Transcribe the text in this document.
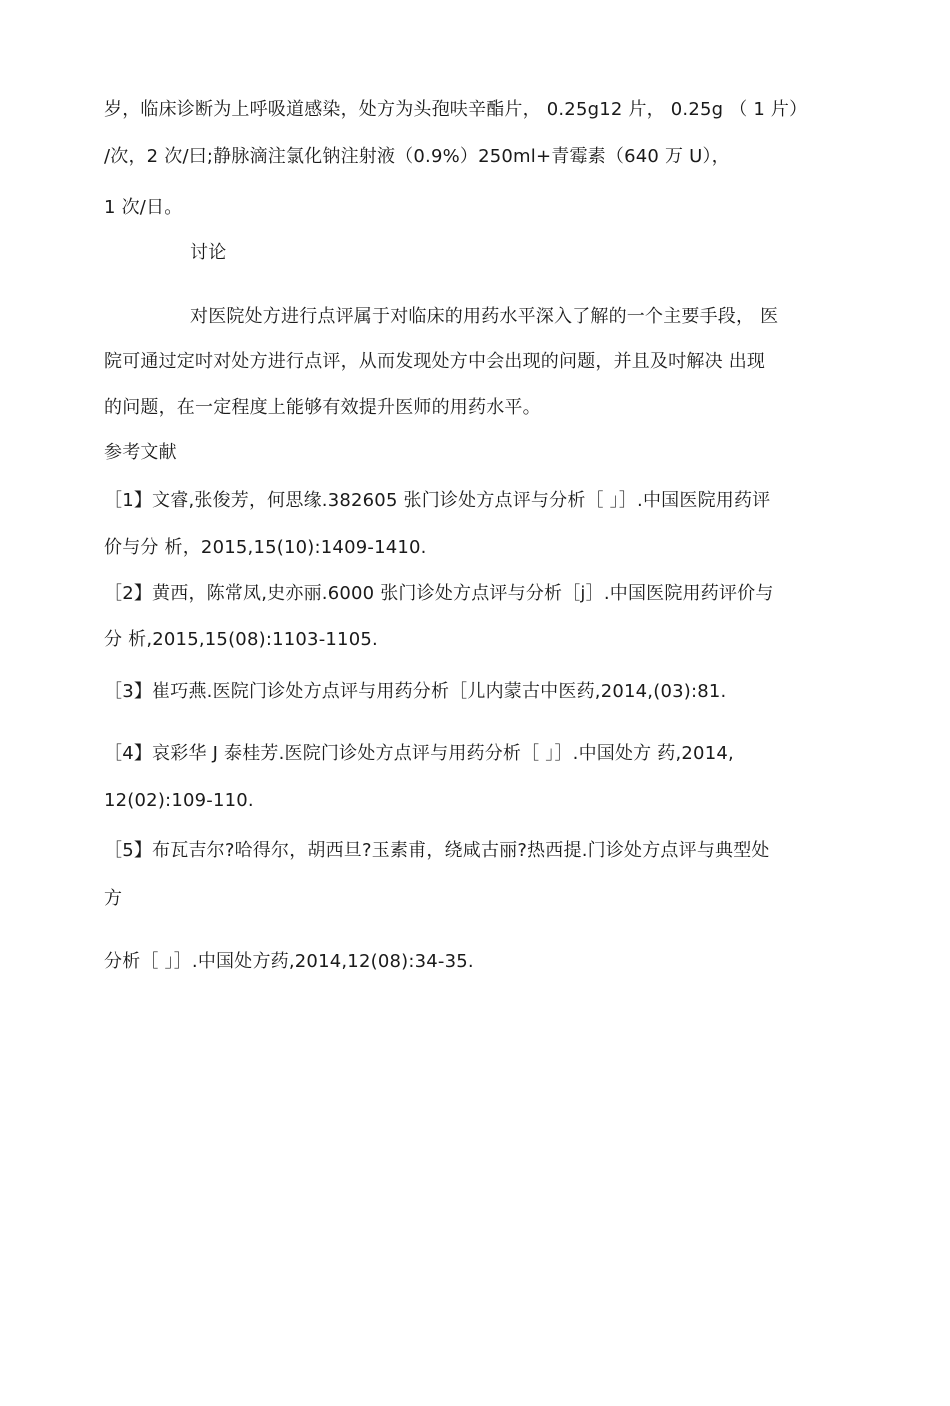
岁，临床诊断为上呼吸道感染，处方为头孢呋辛酯片， 0.25g12 片， 0.25g （ 1 片）
/次，2 次/曰;静脉滴注氯化钠注射液（0.9%）250ml+青霉素（640 万 U），
1 次/日。
讨论
对医院处方进行点评属于对临床的用药水平深入了解的一个主要手段， 医
院可通过定吋对处方进行点评，从而发现处方中会出现的问题，并且及吋解决 出现
的问题，在一定程度上能够有效提升医师的用药水平。
参考文献
［1】文睿,张俊芳，何思缘.382605 张门诊处方点评与分析［ 」］.中国医院用药评
价与分 析，2015,15(10):1409-1410.
［2】黄西，陈常凤,史亦丽.6000 张门诊处方点评与分析［j］.中国医院用药评价与
分 析,2015,15(08):1103-1105.
［3】崔巧燕.医院门诊处方点评与用药分析［儿内蒙古中医药,2014,(03):81.
［4】哀彩华 J 泰桂芳.医院门诊处方点评与用药分析［ 」］.中国处方 药,2014,
12(02):109-110.
［5】布瓦吉尔?哈得尔，胡西旦?玉素甫，绕咸古丽?热西提.门诊处方点评与典型处
方
分析［ 」］.中国处方药,2014,12(08):34-35.
